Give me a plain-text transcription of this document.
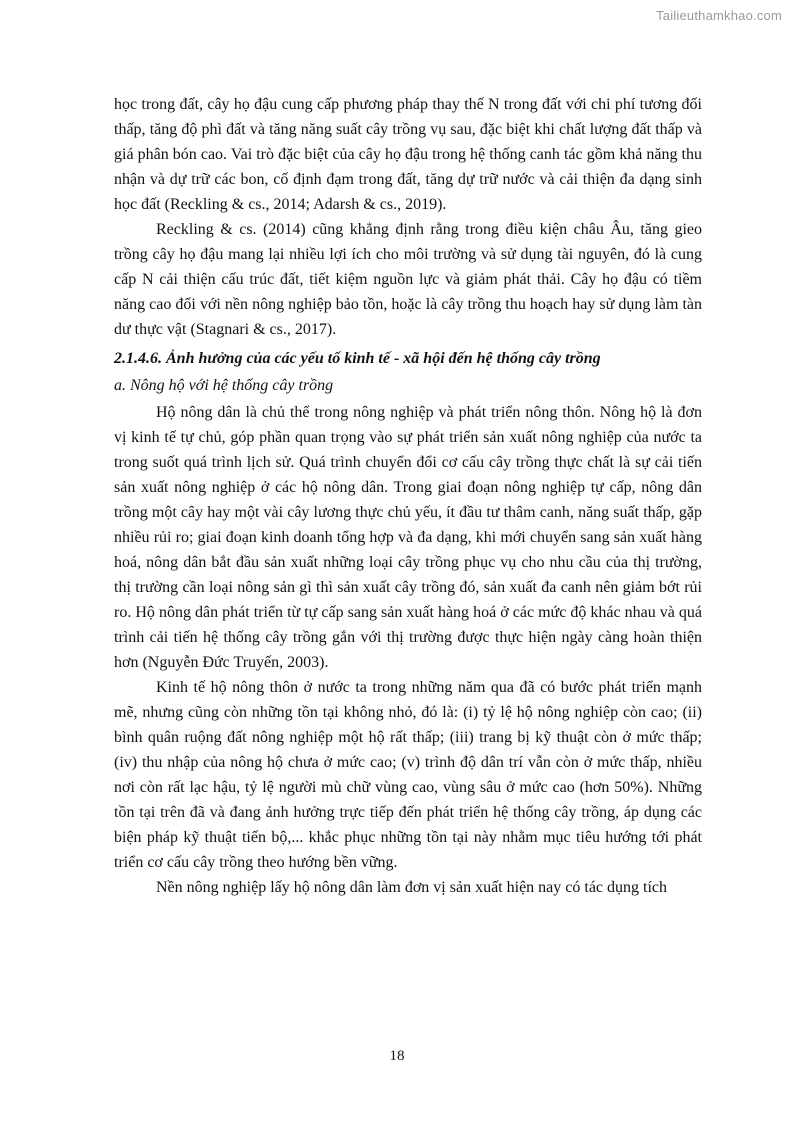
Tailieuthamkhao.com

học trong đất, cây họ đậu cung cấp phương pháp thay thế N trong đất với chi phí tương đối thấp, tăng độ phì đất và tăng năng suất cây trồng vụ sau, đặc biệt khi chất lượng đất thấp và giá phân bón cao. Vai trò đặc biệt của cây họ đậu trong hệ thống canh tác gồm khả năng thu nhận và dự trữ các bon, cố định đạm trong đất, tăng dự trữ nước và cải thiện đa dạng sinh học đất (Reckling & cs., 2014; Adarsh & cs., 2019).

Reckling & cs. (2014) cũng khẳng định rằng trong điều kiện châu Âu, tăng gieo trồng cây họ đậu mang lại nhiều lợi ích cho môi trường và sử dụng tài nguyên, đó là cung cấp N cải thiện cấu trúc đất, tiết kiệm nguồn lực và giảm phát thải. Cây họ đậu có tiềm năng cao đối với nền nông nghiệp bảo tồn, hoặc là cây trồng thu hoạch hay sử dụng làm tàn dư thực vật (Stagnari & cs., 2017).

2.1.4.6. Ảnh hưởng của các yếu tố kinh tế - xã hội đến hệ thống cây trồng

a. Nông hộ với hệ thống cây trồng

Hộ nông dân là chủ thể trong nông nghiệp và phát triển nông thôn. Nông hộ là đơn vị kinh tế tự chủ, góp phần quan trọng vào sự phát triển sản xuất nông nghiệp của nước ta trong suốt quá trình lịch sử. Quá trình chuyển đổi cơ cấu cây trồng thực chất là sự cải tiến sản xuất nông nghiệp ở các hộ nông dân. Trong giai đoạn nông nghiệp tự cấp, nông dân trồng một cây hay một vài cây lương thực chủ yếu, ít đầu tư thâm canh, năng suất thấp, gặp nhiều rủi ro; giai đoạn kinh doanh tổng hợp và đa dạng, khi mới chuyển sang sản xuất hàng hoá, nông dân bắt đầu sản xuất những loại cây trồng phục vụ cho nhu cầu của thị trường, thị trường cần loại nông sản gì thì sản xuất cây trồng đó, sản xuất đa canh nên giảm bớt rủi ro. Hộ nông dân phát triển từ tự cấp sang sản xuất hàng hoá ở các mức độ khác nhau và quá trình cải tiến hệ thống cây trồng gắn với thị trường được thực hiện ngày càng hoàn thiện hơn (Nguyễn Đức Truyến, 2003).

Kinh tế hộ nông thôn ở nước ta trong những năm qua đã có bước phát triển mạnh mẽ, nhưng cũng còn những tồn tại không nhỏ, đó là: (i) tỷ lệ hộ nông nghiệp còn cao; (ii) bình quân ruộng đất nông nghiệp một hộ rất thấp; (iii) trang bị kỹ thuật còn ở mức thấp; (iv) thu nhập của nông hộ chưa ở mức cao; (v) trình độ dân trí vẫn còn ở mức thấp, nhiều nơi còn rất lạc hậu, tỷ lệ người mù chữ vùng cao, vùng sâu ở mức cao (hơn 50%). Những tồn tại trên đã và đang ảnh hưởng trực tiếp đến phát triển hệ thống cây trồng, áp dụng các biện pháp kỹ thuật tiến bộ,... khắc phục những tồn tại này nhằm mục tiêu hướng tới phát triển cơ cấu cây trồng theo hướng bền vững.

Nền nông nghiệp lấy hộ nông dân làm đơn vị sản xuất hiện nay có tác dụng tích

18
